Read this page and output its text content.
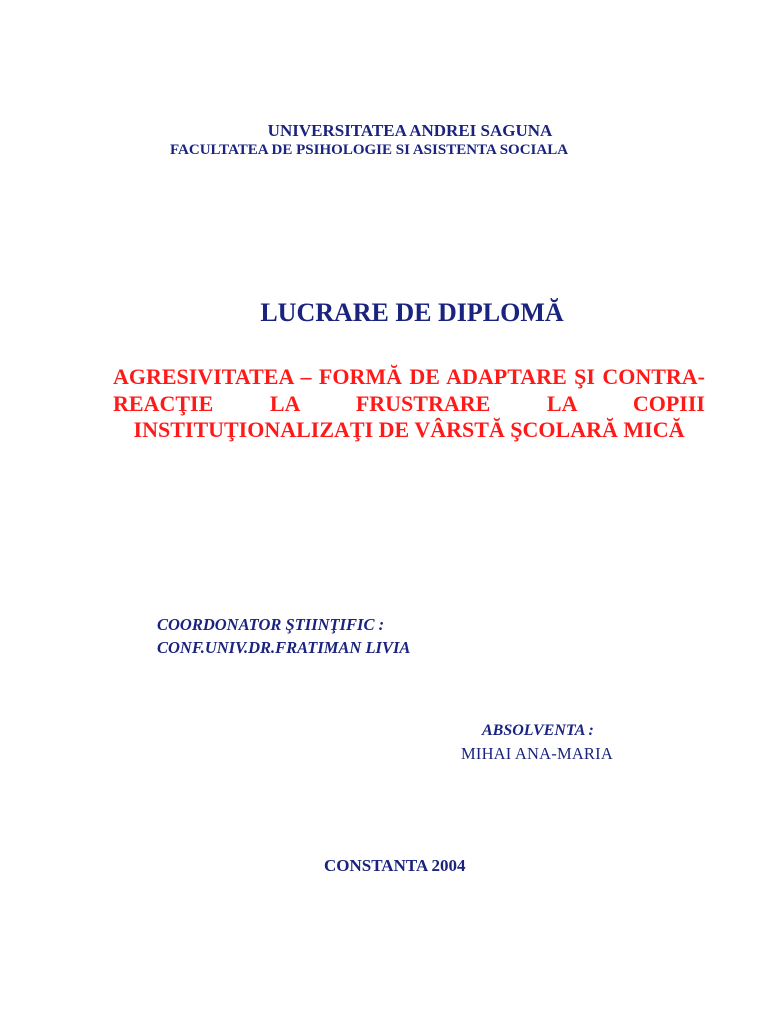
UNIVERSITATEA ANDREI SAGUNA
FACULTATEA DE PSIHOLOGIE SI ASISTENTA SOCIALA
LUCRARE DE DIPLOMĂ
AGRESIVITATEA – FORMĂ DE ADAPTARE ŞI CONTRA-REACŢIE LA FRUSTRARE LA COPIII INSTITUŢIONALIZAŢI DE VÂRSTĂ ŞCOLARĂ MICĂ
COORDONATOR ŞTIINŢIFIC :
CONF.UNIV.DR.FRATIMAN LIVIA
ABSOLVENTA :
MIHAI ANA-MARIA
CONSTANTA 2004
